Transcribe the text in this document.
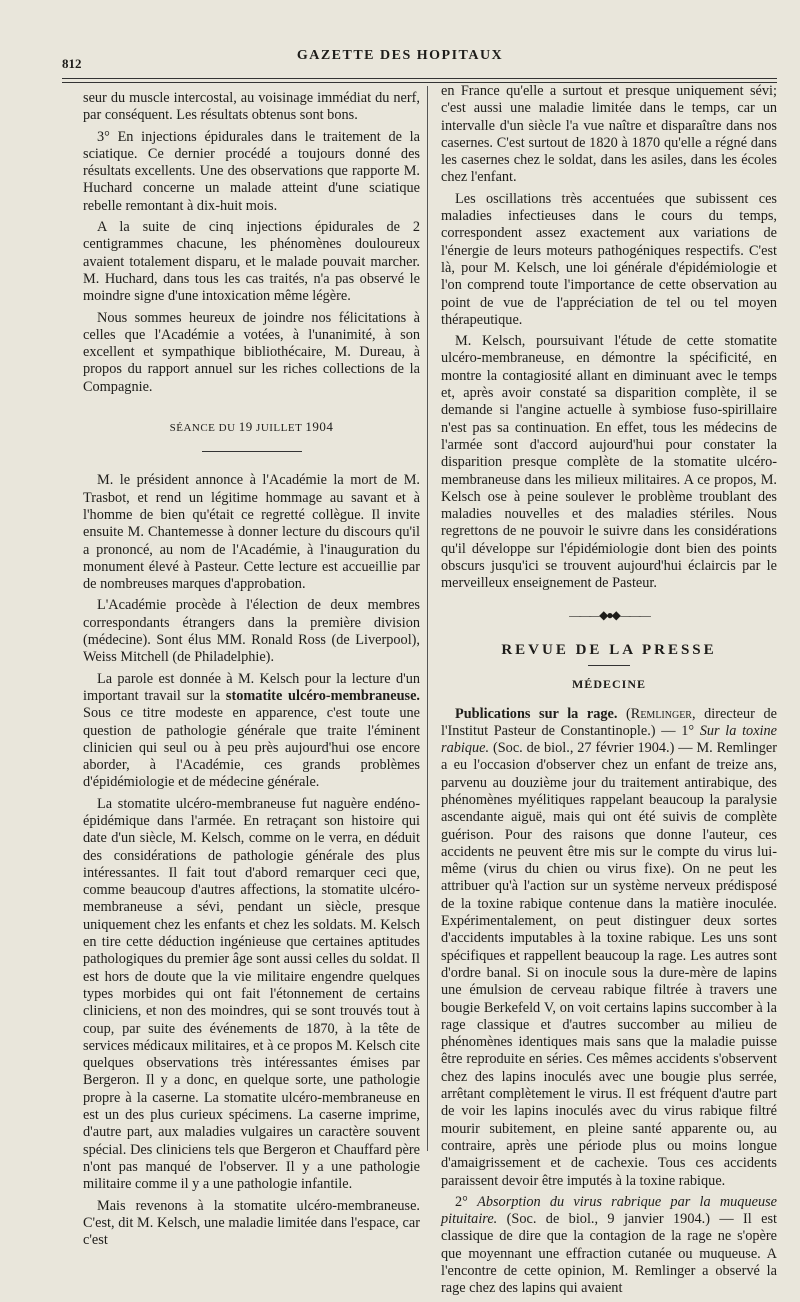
812
GAZETTE DES HOPITAUX

seur du muscle intercostal, au voisinage immédiat du nerf, par conséquent. Les résultats obtenus sont bons.

3° En injections épidurales dans le traitement de la sciatique. Ce dernier procédé a toujours donné des résultats excellents. Une des observations que rapporte M. Huchard concerne un malade atteint d'une sciatique rebelle remontant à dix-huit mois.

A la suite de cinq injections épidurales de 2 centigrammes chacune, les phénomènes douloureux avaient totalement disparu, et le malade pouvait marcher. M. Huchard, dans tous les cas traités, n'a pas observé le moindre signe d'une intoxication même légère.

Nous sommes heureux de joindre nos félicitations à celles que l'Académie a votées, à l'unanimité, à son excellent et sympathique bibliothécaire, M. Dureau, à propos du rapport annuel sur les riches collections de la Compagnie.

SÉANCE DU 19 JUILLET 1904

M. le président annonce à l'Académie la mort de M. Trasbot, et rend un légitime hommage au savant et à l'homme de bien qu'était ce regretté collègue. Il invite ensuite M. Chantemesse à donner lecture du discours qu'il a prononcé, au nom de l'Académie, à l'inauguration du monument élevé à Pasteur. Cette lecture est accueillie par de nombreuses marques d'approbation.

L'Académie procède à l'élection de deux membres correspondants étrangers dans la première division (médecine). Sont élus MM. Ronald Ross (de Liverpool), Weiss Mitchell (de Philadelphie).

La parole est donnée à M. Kelsch pour la lecture d'un important travail sur la stomatite ulcéro-membraneuse. Sous ce titre modeste en apparence, c'est toute une question de pathologie générale que traite l'éminent clinicien qui seul ou à peu près aujourd'hui ose encore aborder, à l'Académie, ces grands problèmes d'épidémiologie et de médecine générale.

La stomatite ulcéro-membraneuse fut naguère endéno-épidémique dans l'armée. En retraçant son histoire qui date d'un siècle, M. Kelsch, comme on le verra, en déduit des considérations de pathologie générale des plus intéressantes. Il fait tout d'abord remarquer ceci que, comme beaucoup d'autres affections, la stomatite ulcéro-membraneuse a sévi, pendant un siècle, presque uniquement chez les enfants et chez les soldats. M. Kelsch en tire cette déduction ingénieuse que certaines aptitudes pathologiques du premier âge sont aussi celles du soldat. Il est hors de doute que la vie militaire engendre quelques types morbides qui ont fait l'étonnement de certains cliniciens, et non des moindres, qui se sont trouvés tout à coup, par suite des événements de 1870, à la tête de services médicaux militaires, et à ce propos M. Kelsch cite quelques observations très intéressantes émises par Bergeron. Il y a donc, en quelque sorte, une pathologie propre à la caserne. La stomatite ulcéro-membraneuse en est un des plus curieux spécimens. La caserne imprime, d'autre part, aux maladies vulgaires un caractère souvent spécial. Des cliniciens tels que Bergeron et Chauffard père n'ont pas manqué de l'observer. Il y a une pathologie militaire comme il y a une pathologie infantile.

Mais revenons à la stomatite ulcéro-membraneuse. C'est, dit M. Kelsch, une maladie limitée dans l'espace, car c'est

en France qu'elle a surtout et presque uniquement sévi; c'est aussi une maladie limitée dans le temps, car un intervalle d'un siècle l'a vue naître et disparaître dans nos casernes. C'est surtout de 1820 à 1870 qu'elle a régné dans les casernes chez le soldat, dans les asiles, dans les écoles chez l'enfant.

Les oscillations très accentuées que subissent ces maladies infectieuses dans le cours du temps, correspondent assez exactement aux variations de l'énergie de leurs moteurs pathogéniques respectifs. C'est là, pour M. Kelsch, une loi générale d'épidémiologie et l'on comprend toute l'importance de cette observation au point de vue de l'appréciation de tel ou tel moyen thérapeutique.

M. Kelsch, poursuivant l'étude de cette stomatite ulcéro-membraneuse, en démontre la spécificité, en montre la contagiosité allant en diminuant avec le temps et, après avoir constaté sa disparition complète, il se demande si l'angine actuelle à symbiose fuso-spirillaire n'est pas sa continuation. En effet, tous les médecins de l'armée sont d'accord aujourd'hui pour constater la disparition presque complète de la stomatite ulcéro-membraneuse dans les milieux militaires. A ce propos, M. Kelsch ose à peine soulever le problème troublant des maladies nouvelles et des maladies stériles. Nous regrettons de ne pouvoir le suivre dans les considérations qu'il développe sur l'épidémiologie dont bien des points obscurs jusqu'ici se trouvent aujourd'hui éclaircis par le merveilleux enseignement de Pasteur.

———◆●◆———
REVUE DE LA PRESSE
MÉDECINE

Publications sur la rage. (Remlinger, directeur de l'Institut Pasteur de Constantinople.) — 1° Sur la toxine rabique. (Soc. de biol., 27 février 1904.) — M. Remlinger a eu l'occasion d'observer chez un enfant de treize ans, parvenu au douzième jour du traitement antirabique, des phénomènes myélitiques rappelant beaucoup la paralysie ascendante aiguë, mais qui ont été suivis de complète guérison. Pour des raisons que donne l'auteur, ces accidents ne peuvent être mis sur le compte du virus lui-même (virus du chien ou virus fixe). On ne peut les attribuer qu'à l'action sur un système nerveux prédisposé de la toxine rabique contenue dans la matière inoculée. Expérimentalement, on peut distinguer deux sortes d'accidents imputables à la toxine rabique. Les uns sont spécifiques et rappellent beaucoup la rage. Les autres sont d'ordre banal. Si on inocule sous la dure-mère de lapins une émulsion de cerveau rabique filtrée à travers une bougie Berkefeld V, on voit certains lapins succomber à la rage classique et d'autres succomber au milieu de phénomènes identiques mais sans que la maladie puisse être reproduite en séries. Ces mêmes accidents s'observent chez des lapins inoculés avec une bougie plus serrée, arrêtant complètement le virus. Il est fréquent d'autre part de voir les lapins inoculés avec du virus rabique filtré mourir subitement, en pleine santé apparente ou, au contraire, après une période plus ou moins longue d'amaigrissement et de cachexie. Tous ces accidents paraissent devoir être imputés à la toxine rabique.

2° Absorption du virus rabrique par la muqueuse pituitaire. (Soc. de biol., 9 janvier 1904.) — Il est classique de dire que la contagion de la rage ne s'opère que moyennant une effraction cutanée ou muqueuse. A l'encontre de cette opinion, M. Remlinger a observé la rage chez des lapins qui avaient
